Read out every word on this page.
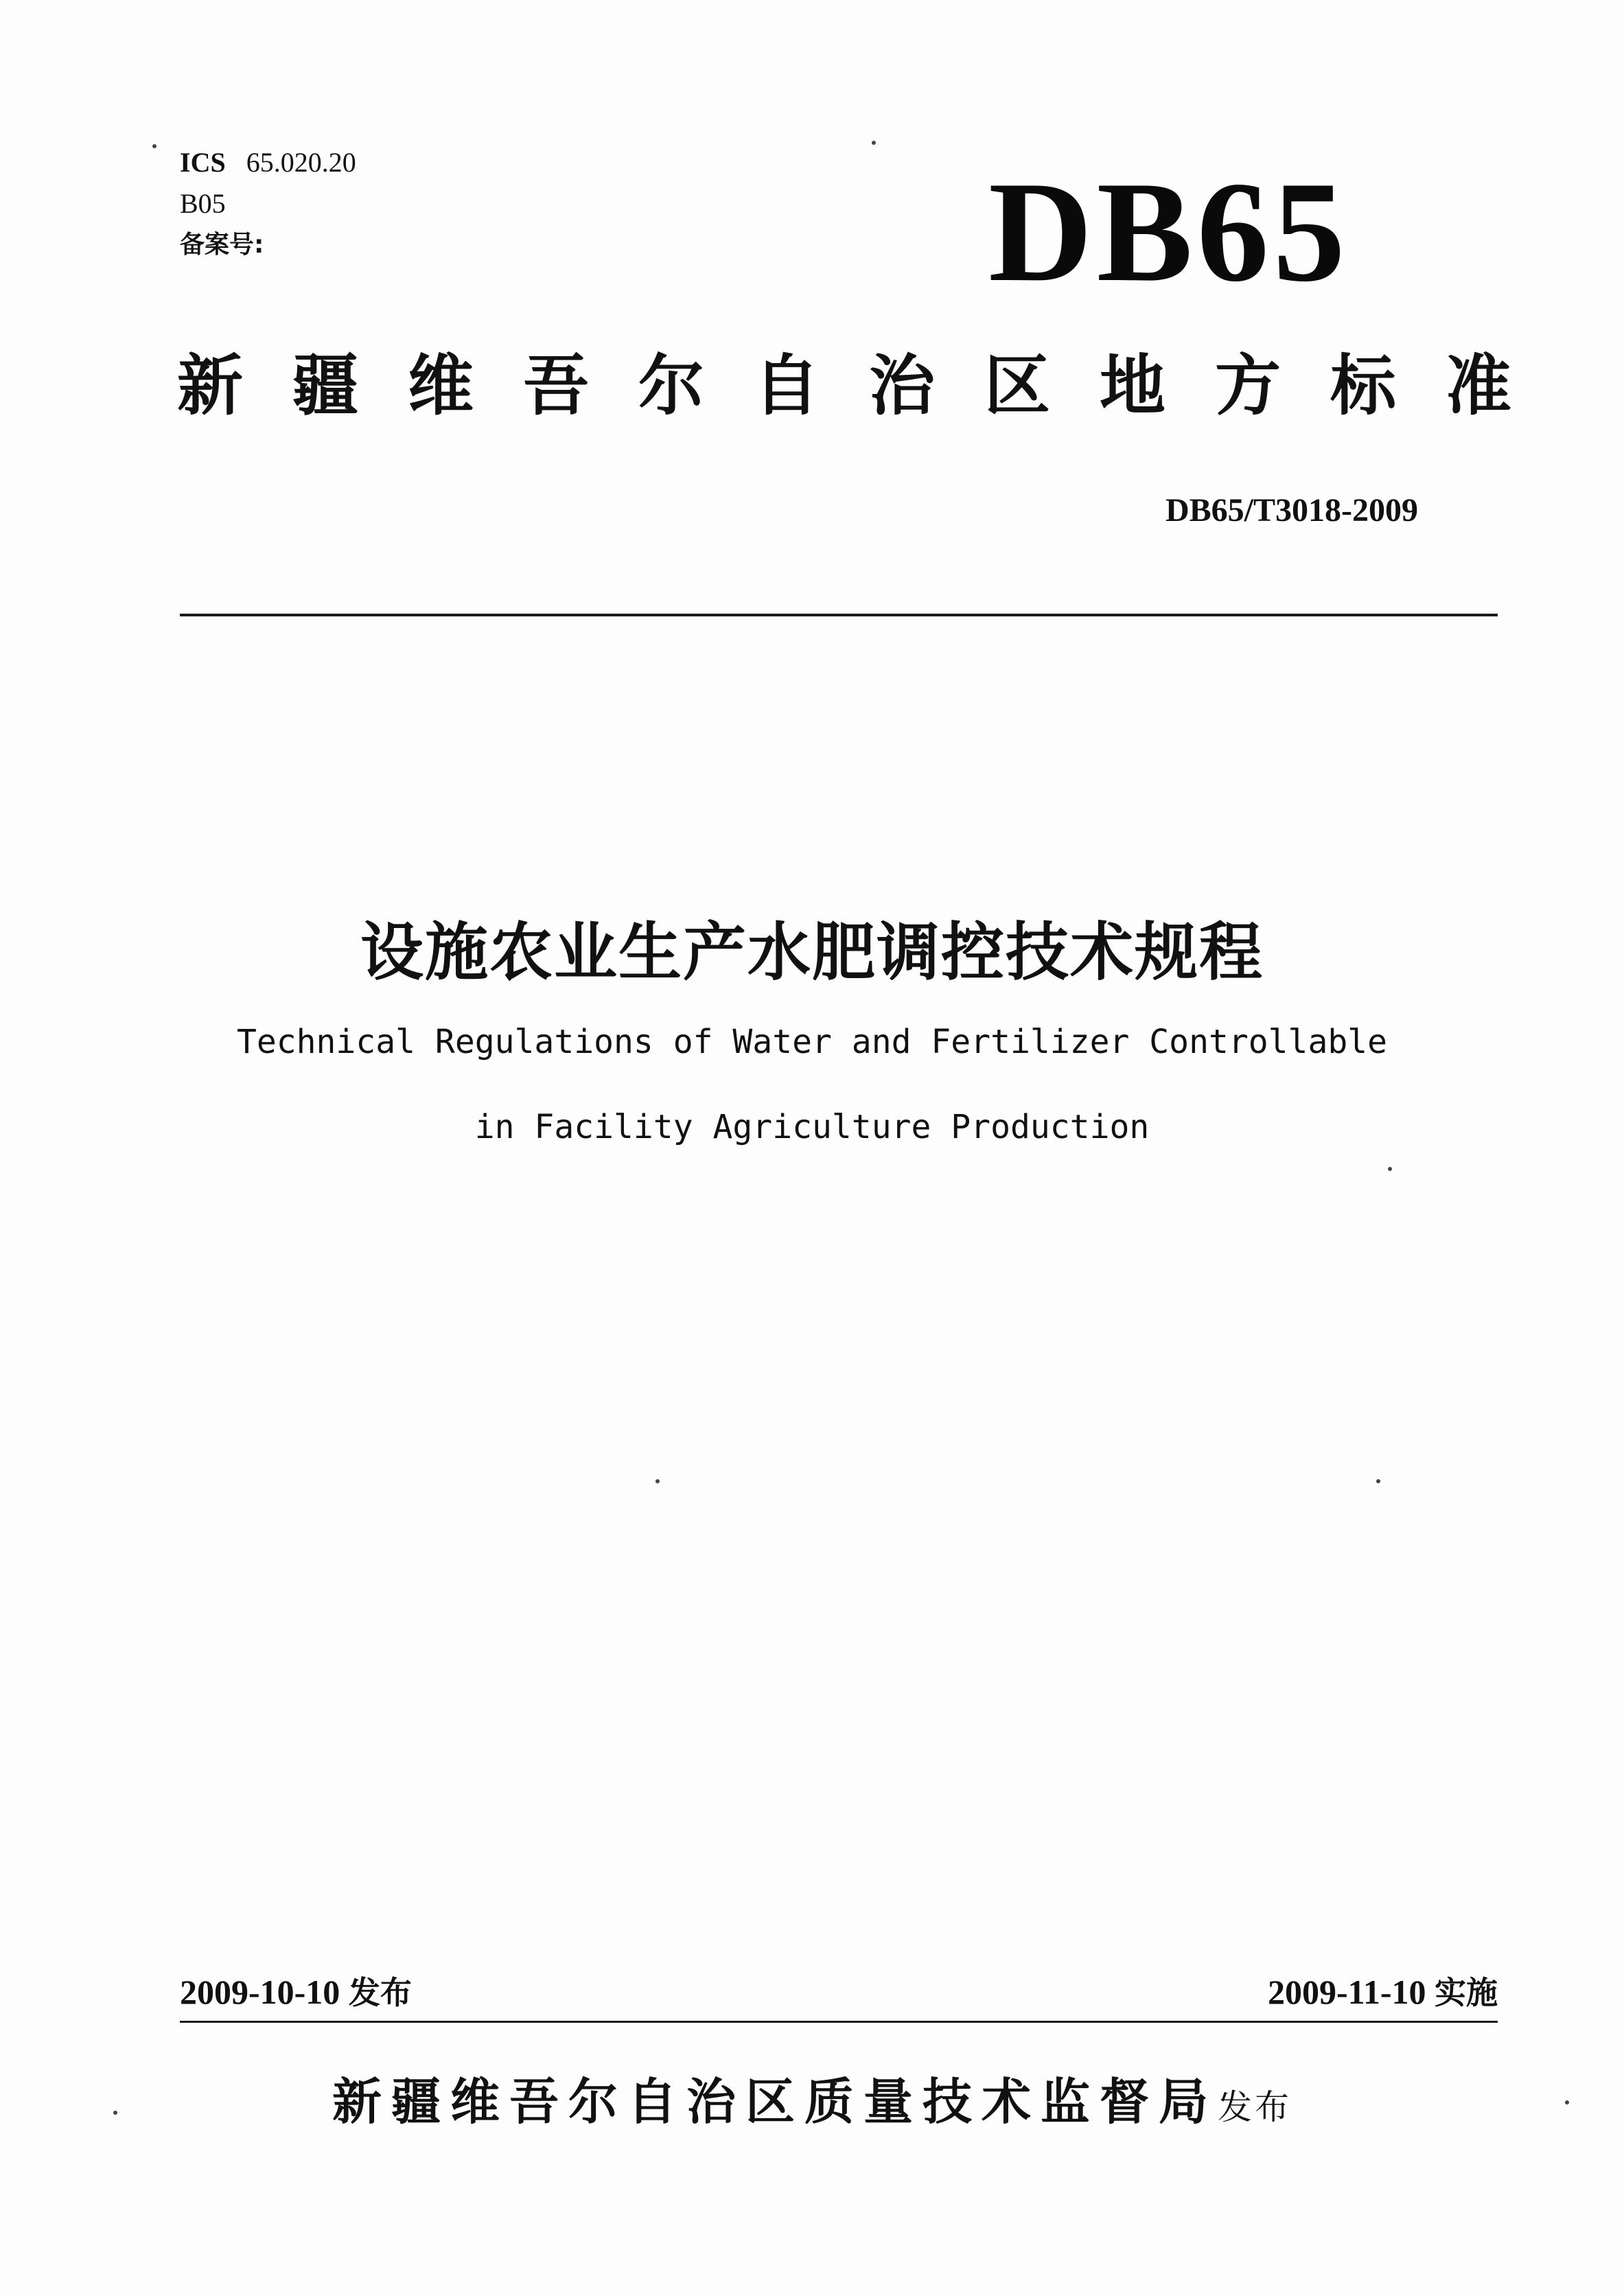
ICS 65.020.20
B05
备案号:	DB65
新疆维吾尔自治区地方标准
DB65/T3018-2009
设施农业生产水肥调控技术规程
Technical Regulations of Water and Fertilizer Controllable
in Facility Agriculture Production
2009-10-10 发布	2009-11-10 实施
新疆维吾尔自治区质量技术监督局发布
